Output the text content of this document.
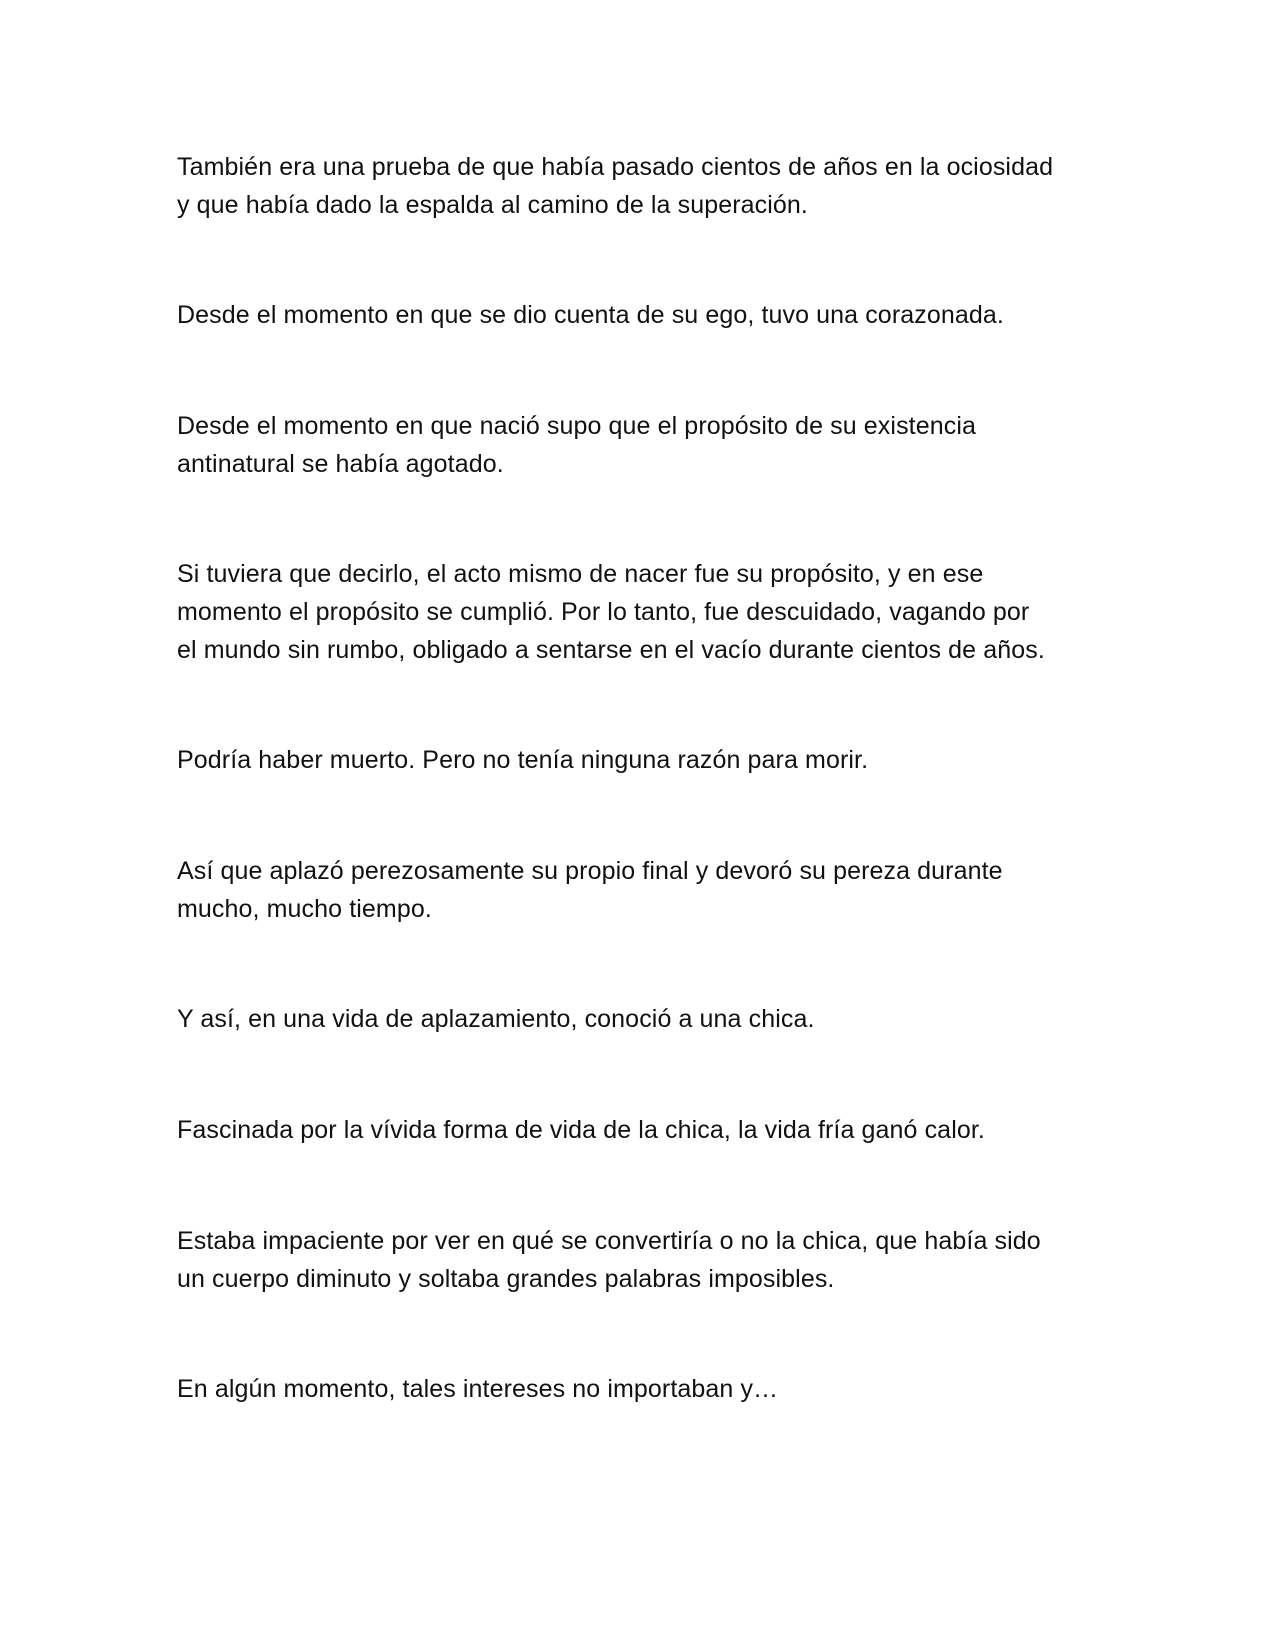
También era una prueba de que había pasado cientos de años en la ociosidad
y que había dado la espalda al camino de la superación.

Desde el momento en que se dio cuenta de su ego, tuvo una corazonada.

Desde el momento en que nació supo que el propósito de su existencia
antinatural se había agotado.

Si tuviera que decirlo, el acto mismo de nacer fue su propósito, y en ese
momento el propósito se cumplió. Por lo tanto, fue descuidado, vagando por
el mundo sin rumbo, obligado a sentarse en el vacío durante cientos de años.

Podría haber muerto. Pero no tenía ninguna razón para morir.

Así que aplazó perezosamente su propio final y devoró su pereza durante
mucho, mucho tiempo.

Y así, en una vida de aplazamiento, conoció a una chica.

Fascinada por la vívida forma de vida de la chica, la vida fría ganó calor.

Estaba impaciente por ver en qué se convertiría o no la chica, que había sido
un cuerpo diminuto y soltaba grandes palabras imposibles.

En algún momento, tales intereses no importaban y…
